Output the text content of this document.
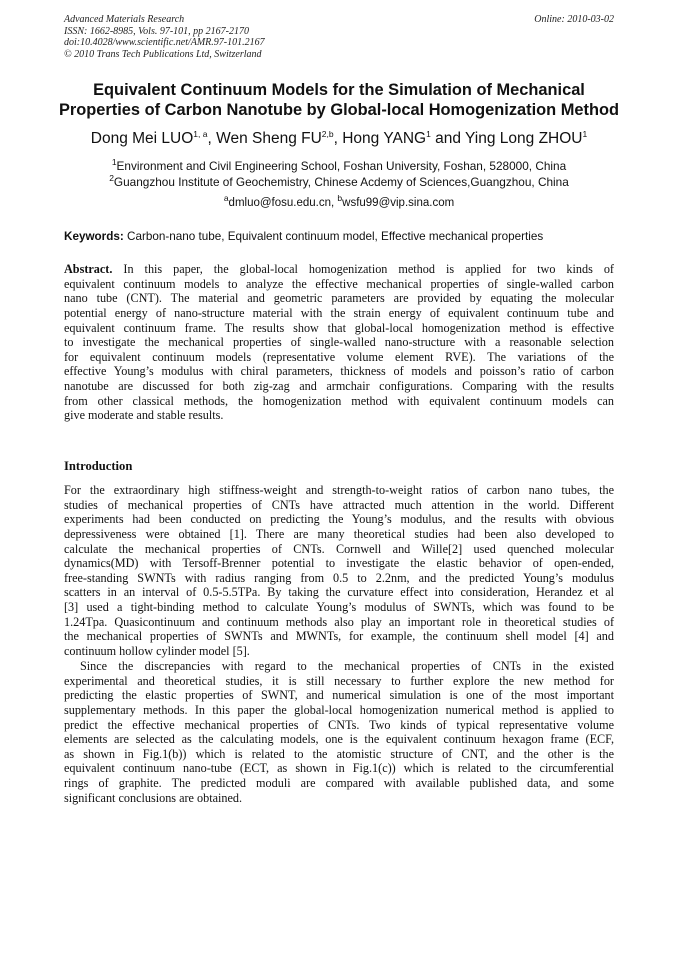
Advanced Materials Research
ISSN: 1662-8985, Vols. 97-101, pp 2167-2170
doi:10.4028/www.scientific.net/AMR.97-101.2167
© 2010 Trans Tech Publications Ltd, Switzerland
Online: 2010-03-02
Equivalent Continuum Models for the Simulation of Mechanical
Properties of Carbon Nanotube by Global-local Homogenization Method
Dong Mei LUO$^{1, a}$, Wen Sheng FU$^{2,b}$, Hong YANG$^1$ and Ying Long ZHOU$^1$
$^1$Environment and Civil Engineering School, Foshan University, Foshan, 528000, China
$^2$Guangzhou Institute of Geochemistry, Chinese Acdemy of Sciences,Guangzhou, China
$^a$dmluo@fosu.edu.cn, $^b$wsfu99@vip.sina.com
Keywords: Carbon-nano tube, Equivalent continuum model, Effective mechanical properties
Abstract. In this paper, the global-local homogenization method is applied for two kinds of
equivalent continuum models to analyze the effective mechanical properties of single-walled carbon
nano tube (CNT). The material and geometric parameters are provided by equating the molecular
potential energy of nano-structure material with the strain energy of equivalent continuum tube and
equivalent continuum frame. The results show that global-local homogenization method is effective
to investigate the mechanical properties of single-walled nano-structure with a reasonable selection
for equivalent continuum models (representative volume element RVE). The variations of the
effective Young’s modulus with chiral parameters, thickness of models and poisson’s ratio of carbon
nanotube are discussed for both zig-zag and armchair configurations. Comparing with the results
from other classical methods, the homogenization method with equivalent continuum models can
give moderate and stable results.
Introduction
For the extraordinary high stiffness-weight and strength-to-weight ratios of carbon nano tubes, the
studies of mechanical properties of CNTs have attracted much attention in the world. Different
experiments had been conducted on predicting the Young’s modulus, and the results with obvious
depressiveness were obtained [1]. There are many theoretical studies had been also developed to
calculate the mechanical properties of CNTs. Cornwell and Wille[2] used quenched molecular
dynamics(MD) with Tersoff-Brenner potential to investigate the elastic behavior of open-ended,
free-standing SWNTs with radius ranging from 0.5 to 2.2nm, and the predicted Young’s modulus
scatters in an interval of 0.5-5.5TPa. By taking the curvature effect into consideration, Herandez et al
[3] used a tight-binding method to calculate Young’s modulus of SWNTs, which was found to be
1.24Tpa. Quasicontinuum and continuum methods also play an important role in theoretical studies of
the mechanical properties of SWNTs and MWNTs, for example, the continuum shell model [4] and
continuum hollow cylinder model [5].
Since the discrepancies with regard to the mechanical properties of CNTs in the existed
experimental and theoretical studies, it is still necessary to further explore the new method for
predicting the elastic properties of SWNT, and numerical simulation is one of the most important
supplementary methods. In this paper the global-local homogenization numerical method is applied to
predict the effective mechanical properties of CNTs. Two kinds of typical representative volume
elements are selected as the calculating models, one is the equivalent continuum hexagon frame (ECF,
as shown in Fig.1(b)) which is related to the atomistic structure of CNT, and the other is the
equivalent continuum nano-tube (ECT, as shown in Fig.1(c)) which is related to the circumferential
rings of graphite. The predicted moduli are compared with available published data, and some
significant conclusions are obtained.
